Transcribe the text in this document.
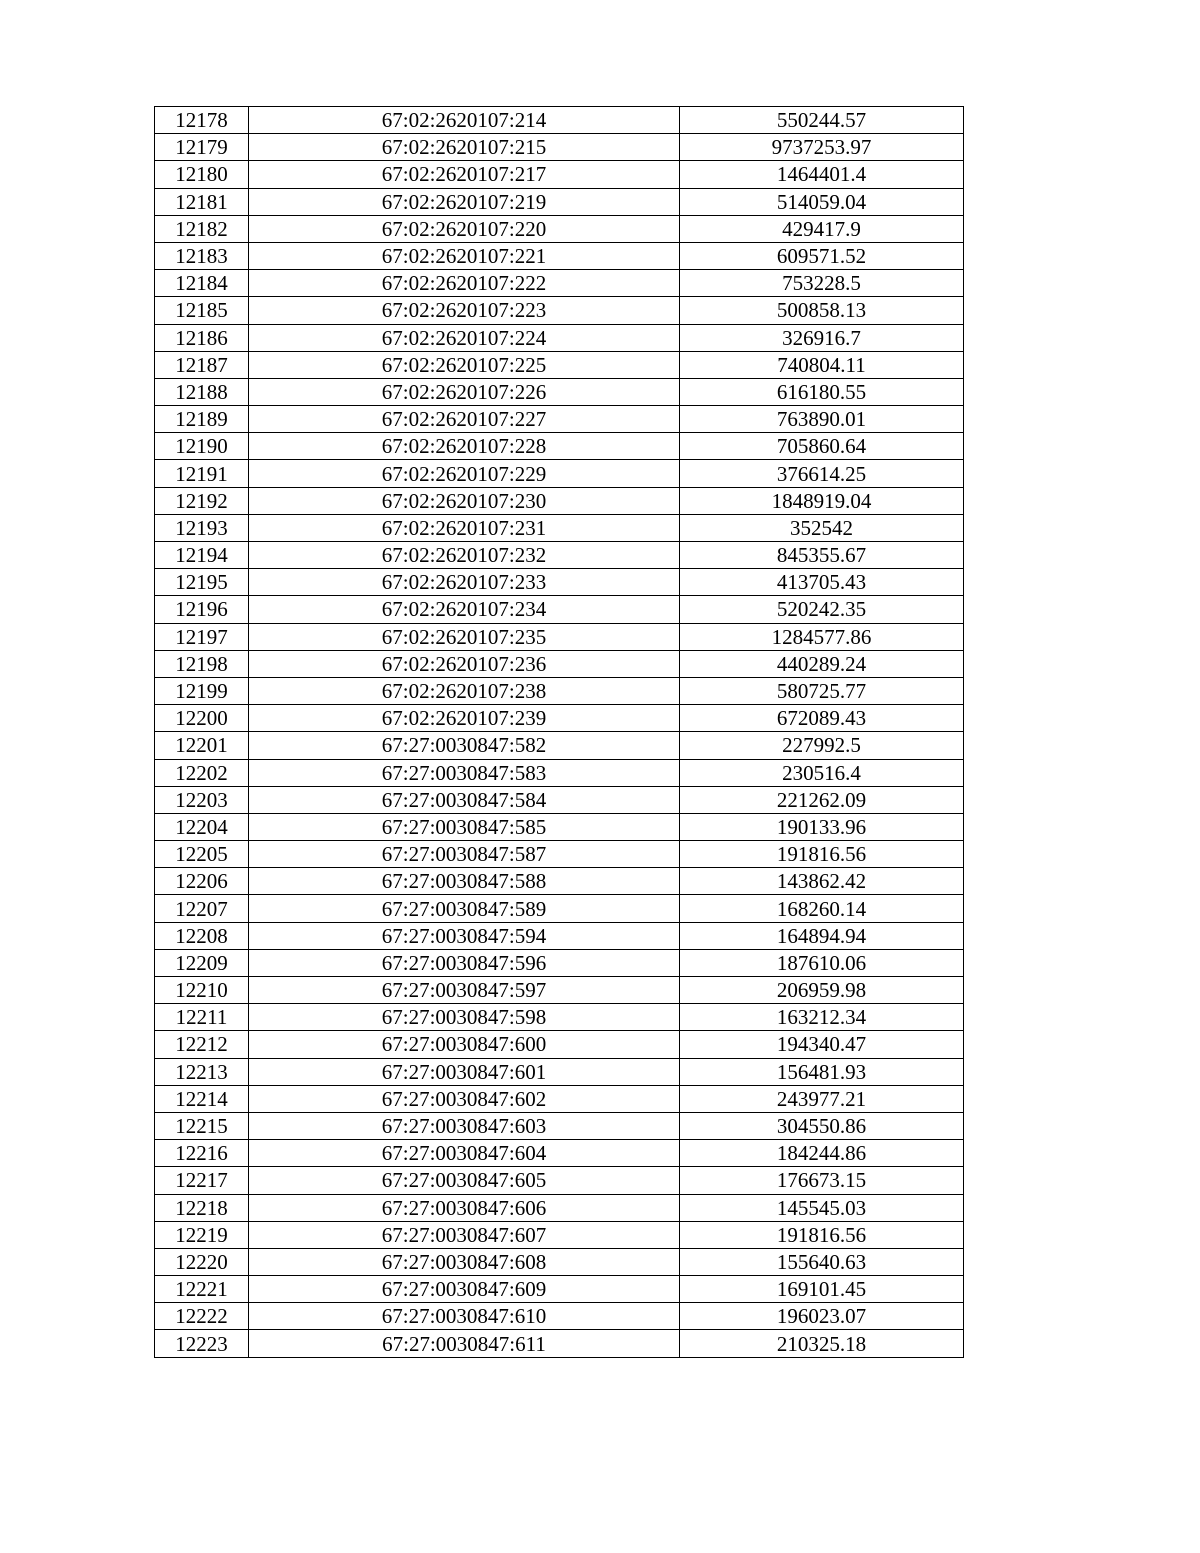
12178	67:02:2620107:214	550244.57
12179	67:02:2620107:215	9737253.97
12180	67:02:2620107:217	1464401.4
12181	67:02:2620107:219	514059.04
12182	67:02:2620107:220	429417.9
12183	67:02:2620107:221	609571.52
12184	67:02:2620107:222	753228.5
12185	67:02:2620107:223	500858.13
12186	67:02:2620107:224	326916.7
12187	67:02:2620107:225	740804.11
12188	67:02:2620107:226	616180.55
12189	67:02:2620107:227	763890.01
12190	67:02:2620107:228	705860.64
12191	67:02:2620107:229	376614.25
12192	67:02:2620107:230	1848919.04
12193	67:02:2620107:231	352542
12194	67:02:2620107:232	845355.67
12195	67:02:2620107:233	413705.43
12196	67:02:2620107:234	520242.35
12197	67:02:2620107:235	1284577.86
12198	67:02:2620107:236	440289.24
12199	67:02:2620107:238	580725.77
12200	67:02:2620107:239	672089.43
12201	67:27:0030847:582	227992.5
12202	67:27:0030847:583	230516.4
12203	67:27:0030847:584	221262.09
12204	67:27:0030847:585	190133.96
12205	67:27:0030847:587	191816.56
12206	67:27:0030847:588	143862.42
12207	67:27:0030847:589	168260.14
12208	67:27:0030847:594	164894.94
12209	67:27:0030847:596	187610.06
12210	67:27:0030847:597	206959.98
12211	67:27:0030847:598	163212.34
12212	67:27:0030847:600	194340.47
12213	67:27:0030847:601	156481.93
12214	67:27:0030847:602	243977.21
12215	67:27:0030847:603	304550.86
12216	67:27:0030847:604	184244.86
12217	67:27:0030847:605	176673.15
12218	67:27:0030847:606	145545.03
12219	67:27:0030847:607	191816.56
12220	67:27:0030847:608	155640.63
12221	67:27:0030847:609	169101.45
12222	67:27:0030847:610	196023.07
12223	67:27:0030847:611	210325.18
